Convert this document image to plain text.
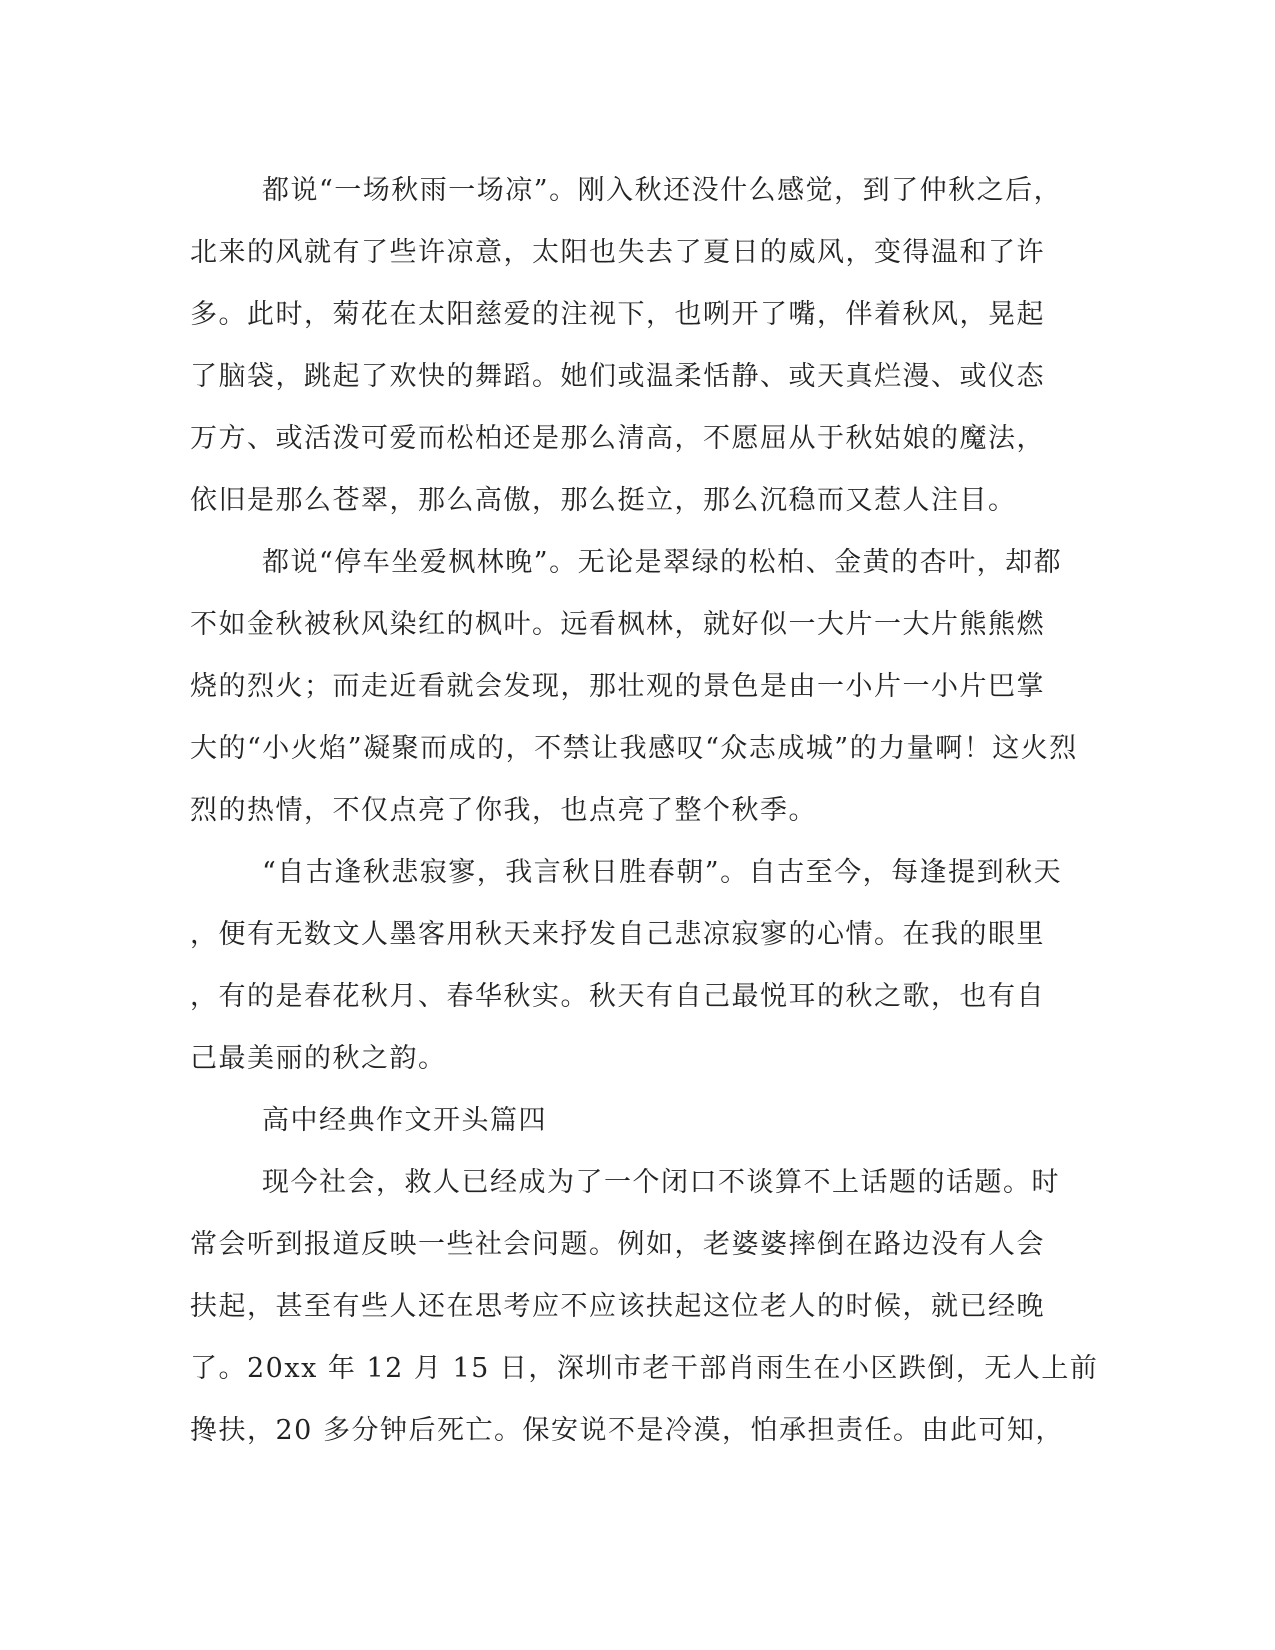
都说“一场秋雨一场凉”。刚入秋还没什么感觉，到了仲秋之后，
北来的风就有了些许凉意，太阳也失去了夏日的威风，变得温和了许
多。此时，菊花在太阳慈爱的注视下，也咧开了嘴，伴着秋风，晃起
了脑袋，跳起了欢快的舞蹈。她们或温柔恬静、或天真烂漫、或仪态
万方、或活泼可爱而松柏还是那么清高，不愿屈从于秋姑娘的魔法，
依旧是那么苍翠，那么高傲，那么挺立，那么沉稳而又惹人注目。
都说“停车坐爱枫林晚”。无论是翠绿的松柏、金黄的杏叶，却都
不如金秋被秋风染红的枫叶。远看枫林，就好似一大片一大片熊熊燃
烧的烈火；而走近看就会发现，那壮观的景色是由一小片一小片巴掌
大的“小火焰”凝聚而成的，不禁让我感叹“众志成城”的力量啊！这火烈
烈的热情，不仅点亮了你我，也点亮了整个秋季。
“自古逢秋悲寂寥，我言秋日胜春朝”。自古至今，每逢提到秋天
，便有无数文人墨客用秋天来抒发自己悲凉寂寥的心情。在我的眼里
，有的是春花秋月、春华秋实。秋天有自己最悦耳的秋之歌，也有自
己最美丽的秋之韵。
高中经典作文开头篇四
现今社会，救人已经成为了一个闭口不谈算不上话题的话题。时
常会听到报道反映一些社会问题。例如，老婆婆摔倒在路边没有人会
扶起，甚至有些人还在思考应不应该扶起这位老人的时候，就已经晚
了。20xx 年 12 月 15 日，深圳市老干部肖雨生在小区跌倒，无人上前
搀扶，20 多分钟后死亡。保安说不是冷漠，怕承担责任。由此可知，
